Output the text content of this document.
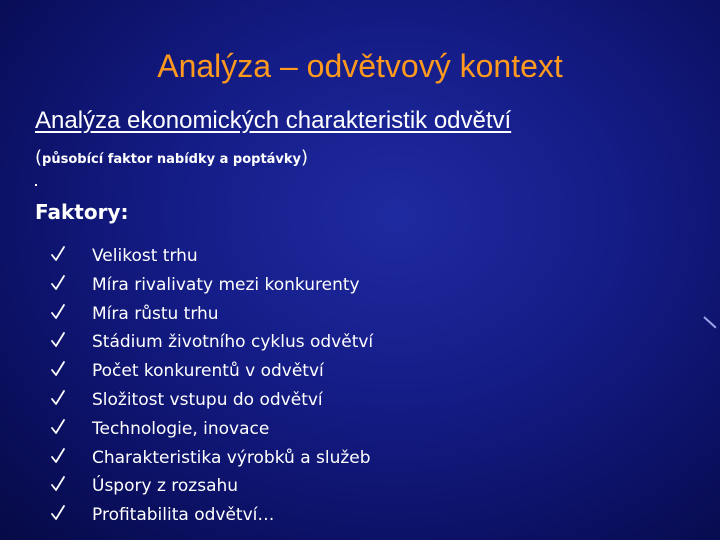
Analýza – odvětvový kontext
Analýza ekonomických charakteristik odvětví
(působící faktor nabídky a poptávky)
Faktory:
Velikost trhu
Míra rivalivaty mezi konkurenty
Míra růstu trhu
Stádium životního cyklus odvětví
Počet konkurentů v odvětví
Složitost vstupu do odvětví
Technologie, inovace
Charakteristika výrobků a služeb
Úspory z rozsahu
Profitabilita odvětví…
